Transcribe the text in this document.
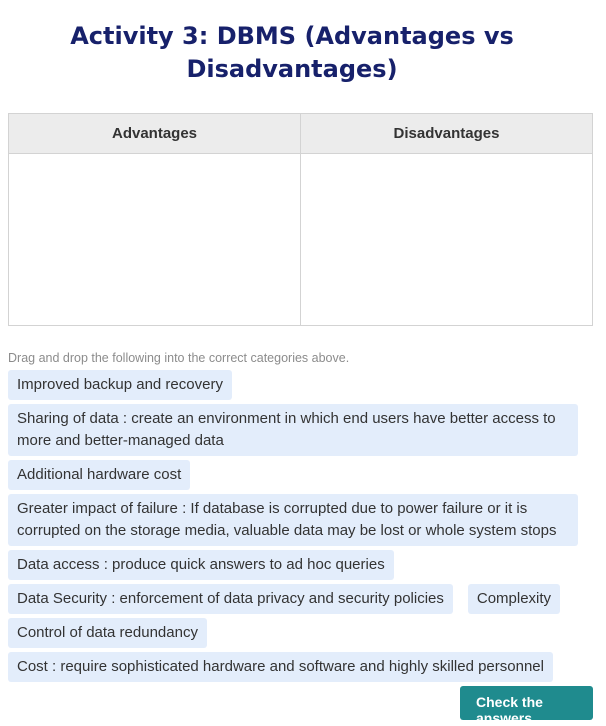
Activity 3: DBMS (Advantages vs Disadvantages)
Advantages	Disadvantages
Drag and drop the following into the correct categories above.
Improved backup and recovery
Sharing of data : create an environment in which end users have better access to more and better-managed data
Additional hardware cost
Greater impact of failure : If database is corrupted due to power failure or it is corrupted on the storage media, valuable data may be lost or whole system stops
Data access : produce quick answers to ad hoc queries
Data Security : enforcement of data privacy and security policies	Complexity
Control of data redundancy
Cost : require sophisticated hardware and software and highly skilled personnel
Check the answers
